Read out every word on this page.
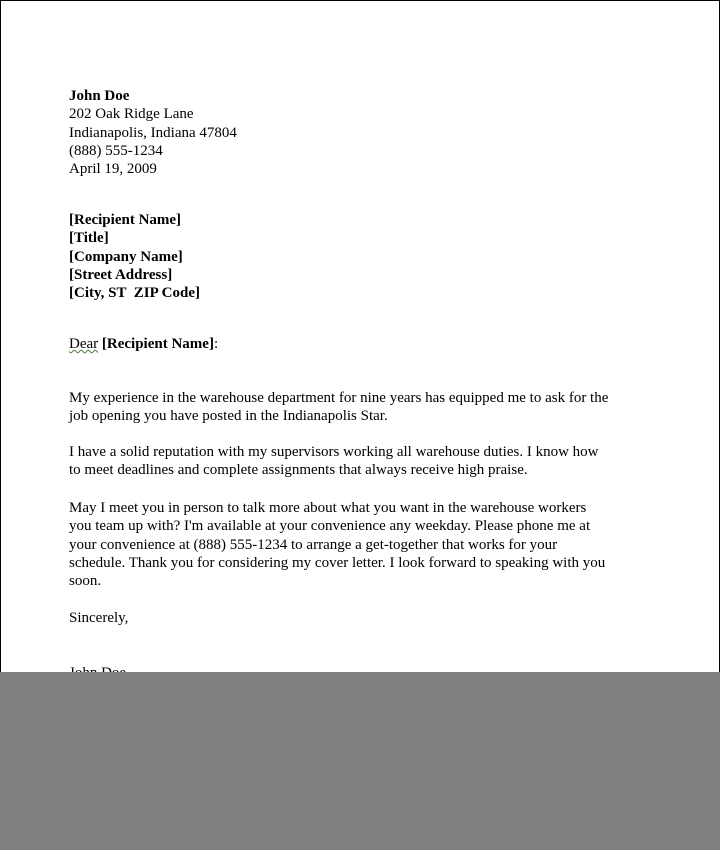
John Doe
202 Oak Ridge Lane
Indianapolis, Indiana 47804
(888) 555-1234
April 19, 2009
[Recipient Name]
[Title]
[Company Name]
[Street Address]
[City, ST  ZIP Code]
Dear [Recipient Name]:
My experience in the warehouse department for nine years has equipped me to ask for the
job opening you have posted in the Indianapolis Star.
I have a solid reputation with my supervisors working all warehouse duties. I know how
to meet deadlines and complete assignments that always receive high praise.
May I meet you in person to talk more about what you want in the warehouse workers
you team up with? I'm available at your convenience any weekday. Please phone me at
your convenience at (888) 555-1234 to arrange a get-together that works for your
schedule. Thank you for considering my cover letter. I look forward to speaking with you
soon.
Sincerely,
